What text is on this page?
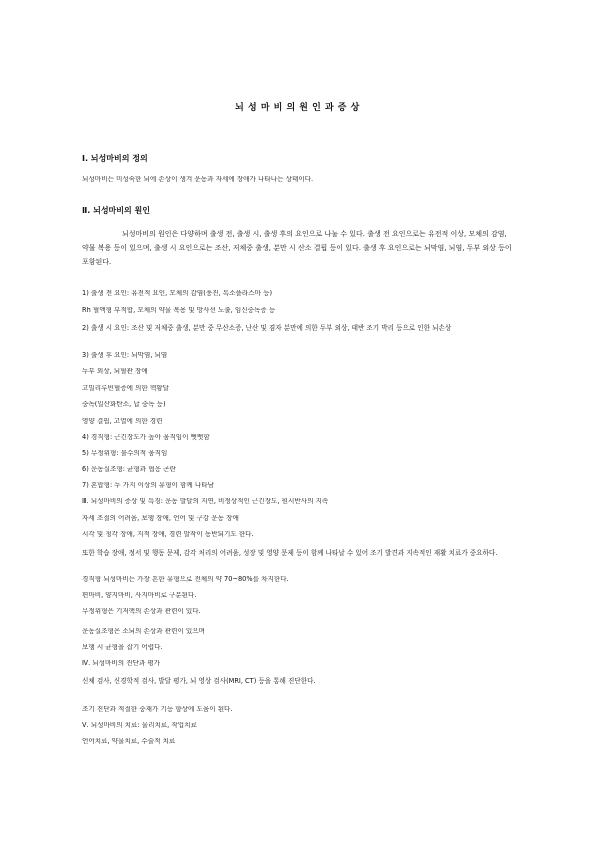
뇌 성 마 비 의 원 인 과 증 상
Ⅰ. 뇌성마비의 정의
뇌성마비는 미성숙한 뇌에 손상이 생겨 운동과 자세에 장애가 나타나는 상태이다.
Ⅱ. 뇌성마비의 원인
뇌성마비의 원인은 다양하며 출생 전, 출생 시, 출생 후의 요인으로 나눌 수 있다. 출생 전 요인으로는 유전적 이상, 모체의 감염, 약물 복용 등이 있으며, 출생 시 요인으로는 조산, 저체중 출생, 분만 시 산소 결핍 등이 있다. 출생 후 요인으로는 뇌막염, 뇌염, 두부 외상 등이 포함된다.
1) 출생 전 요인: 유전적 요인, 모체의 감염(풍진, 톡소플라스마 등)
Rh 혈액형 부적합, 모체의 약물 복용 및 방사선 노출, 임신중독증 등
2) 출생 시 요인: 조산 및 저체중 출생, 분만 중 무산소증, 난산 및 겸자 분만에 의한 두부 외상, 태반 조기 박리 등으로 인한 뇌손상
3) 출생 후 요인: 뇌막염, 뇌염
두부 외상, 뇌혈관 장애
고빌리루빈혈증에 의한 핵황달
중독(일산화탄소, 납 중독 등)
영양 결핍, 고열에 의한 경련
4) 경직형: 근긴장도가 높아 움직임이 뻣뻣함
5) 무정위형: 불수의적 움직임
6) 운동실조형: 균형과 협응 곤란
7) 혼합형: 두 가지 이상의 유형이 함께 나타남
Ⅲ. 뇌성마비의 증상 및 특징: 운동 발달의 지연, 비정상적인 근긴장도, 원시반사의 지속
자세 조절의 어려움, 보행 장애, 언어 및 구강 운동 장애
시각 및 청각 장애, 지적 장애, 경련 발작이 동반되기도 한다.
또한 학습 장애, 정서 및 행동 문제, 감각 처리의 어려움, 성장 및 영양 문제 등이 함께 나타날 수 있어 조기 발견과 지속적인 재활 치료가 중요하다.
경직형 뇌성마비는 가장 흔한 유형으로 전체의 약 70~80%를 차지한다.
편마비, 양지마비, 사지마비로 구분된다.
무정위형은 기저핵의 손상과 관련이 있다.
운동실조형은 소뇌의 손상과 관련이 있으며
보행 시 균형을 잡기 어렵다.
Ⅳ. 뇌성마비의 진단과 평가
신체 검사, 신경학적 검사, 발달 평가, 뇌 영상 검사(MRI, CT) 등을 통해 진단한다.
조기 진단과 적절한 중재가 기능 향상에 도움이 된다.
Ⅴ. 뇌성마비의 치료: 물리치료, 작업치료
언어치료, 약물치료, 수술적 치료
